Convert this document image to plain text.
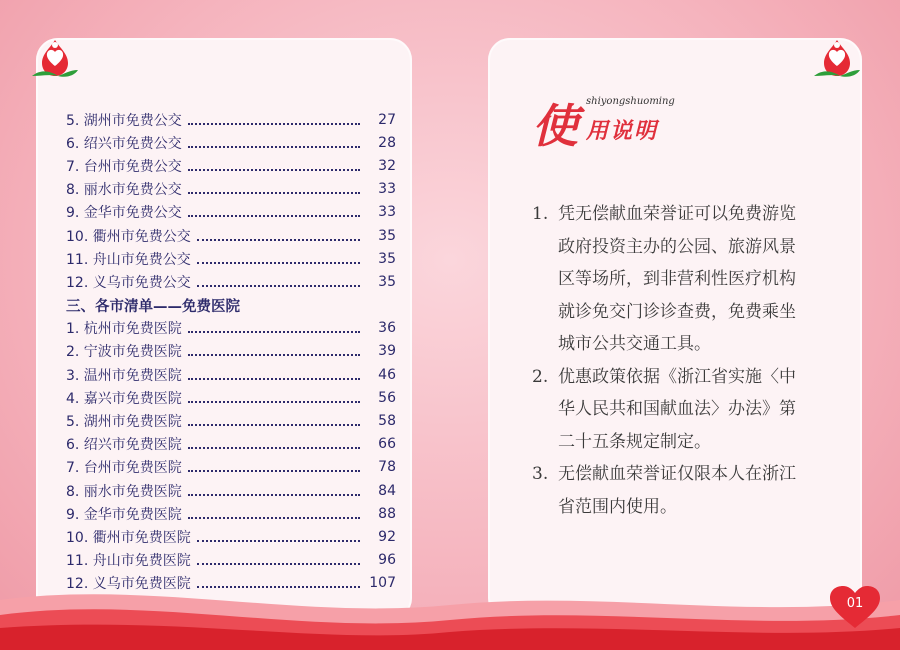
5. 湖州市免费公交	27
6. 绍兴市免费公交	28
7. 台州市免费公交	32
8. 丽水市免费公交	33
9. 金华市免费公交	33
10. 衢州市免费公交	35
11. 舟山市免费公交	35
12. 义乌市免费公交	35
三、各市清单——免费医院
1. 杭州市免费医院	36
2. 宁波市免费医院	39
3. 温州市免费医院	46
4. 嘉兴市免费医院	56
5. 湖州市免费医院	58
6. 绍兴市免费医院	66
7. 台州市免费医院	78
8. 丽水市免费医院	84
9. 金华市免费医院	88
10. 衢州市免费医院	92
11. 舟山市免费医院	96
12. 义乌市免费医院	107
使 shiyongshuoming
用说明
1. 凭无偿献血荣誉证可以免费游览
政府投资主办的公园、旅游风景
区等场所，到非营利性医疗机构
就诊免交门诊诊查费，免费乘坐
城市公共交通工具。
2. 优惠政策依据《浙江省实施〈中
华人民共和国献血法〉办法》第
二十五条规定制定。
3. 无偿献血荣誉证仅限本人在浙江
省范围内使用。
01
